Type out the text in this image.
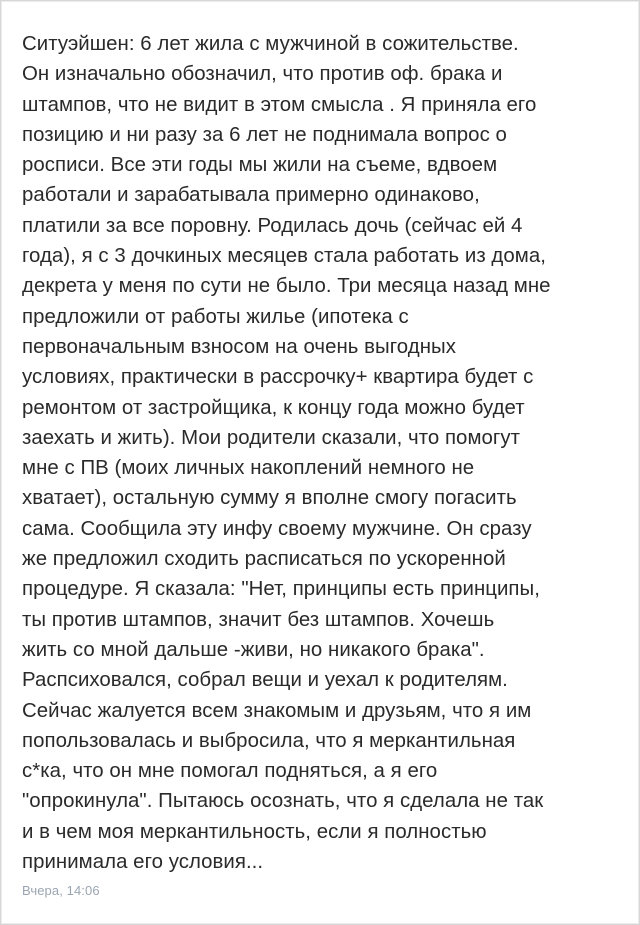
Ситуэйшен: 6 лет жила с мужчиной в сожительстве.
Он изначально обозначил, что против оф. брака и
штампов, что не видит в этом смысла . Я приняла его
позицию и ни разу за 6 лет не поднимала вопрос о
росписи. Все эти годы мы жили на съеме, вдвоем
работали и зарабатывала примерно одинаково,
платили за все поровну. Родилась дочь (сейчас ей 4
года), я с 3 дочкиных месяцев стала работать из дома,
декрета у меня по сути не было. Три месяца назад мне
предложили от работы жилье (ипотека с
первоначальным взносом на очень выгодных
условиях, практически в рассрочку+ квартира будет с
ремонтом от застройщика, к концу года можно будет
заехать и жить). Мои родители сказали, что помогут
мне с ПВ (моих личных накоплений немного не
хватает), остальную сумму я вполне смогу погасить
сама. Сообщила эту инфу своему мужчине. Он сразу
же предложил сходить расписаться по ускоренной
процедуре. Я сказала: "Нет, принципы есть принципы,
ты против штампов, значит без штампов. Хочешь
жить со мной дальше -живи, но никакого брака".
Распсиховался, собрал вещи и уехал к родителям.
Сейчас жалуется всем знакомым и друзьям, что я им
попользовалась и выбросила, что я меркантильная
с*ка, что он мне помогал подняться, а я его
"опрокинула". Пытаюсь осознать, что я сделала не так
и в чем моя меркантильность, если я полностью
принимала его условия...

Вчера, 14:06
